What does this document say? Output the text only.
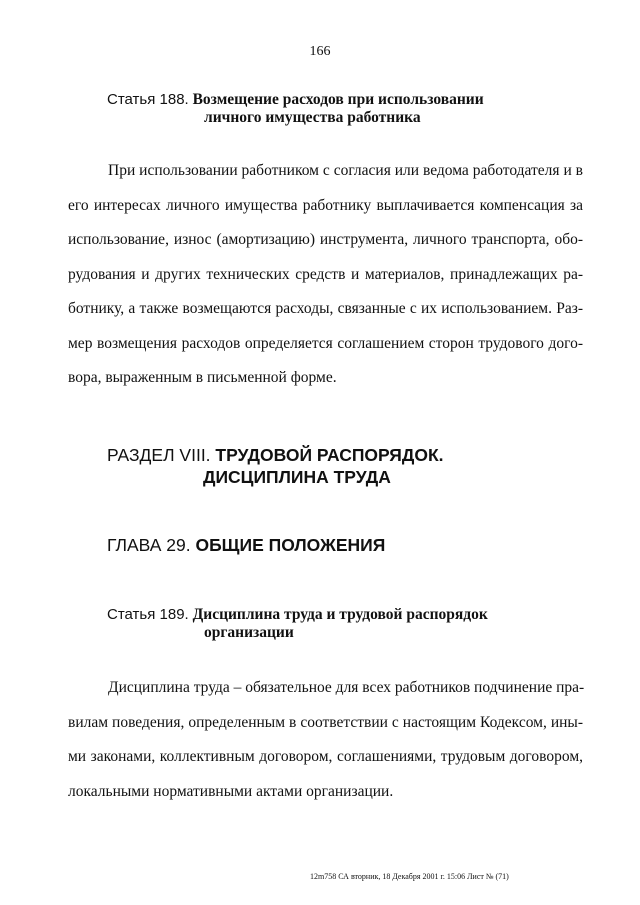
166
Статья 188. Возмещение расходов при использовании
личного имущества работника
При использовании работником с согласия или ведома работодателя и в
его интересах личного имущества работнику выплачивается компенсация за
использование, износ (амортизацию) инструмента, личного транспорта, обо-
рудования и других технических средств и материалов, принадлежащих ра-
ботнику, а также возмещаются расходы, связанные с их использованием. Раз-
мер возмещения расходов определяется соглашением сторон трудового дого-
вора, выраженным в письменной форме.
РАЗДЕЛ VIII. ТРУДОВОЙ РАСПОРЯДОК.
ДИСЦИПЛИНА ТРУДА
ГЛАВА 29. ОБЩИЕ ПОЛОЖЕНИЯ
Статья 189. Дисциплина труда и трудовой распорядок
организации
Дисциплина труда – обязательное для всех работников подчинение пра-
вилам поведения, определенным в соответствии с настоящим Кодексом, ины-
ми законами, коллективным договором, соглашениями, трудовым договором,
локальными нормативными актами организации.
12m758 СА вторник, 18 Декабря 2001 г. 15:06 Лист № (71)
